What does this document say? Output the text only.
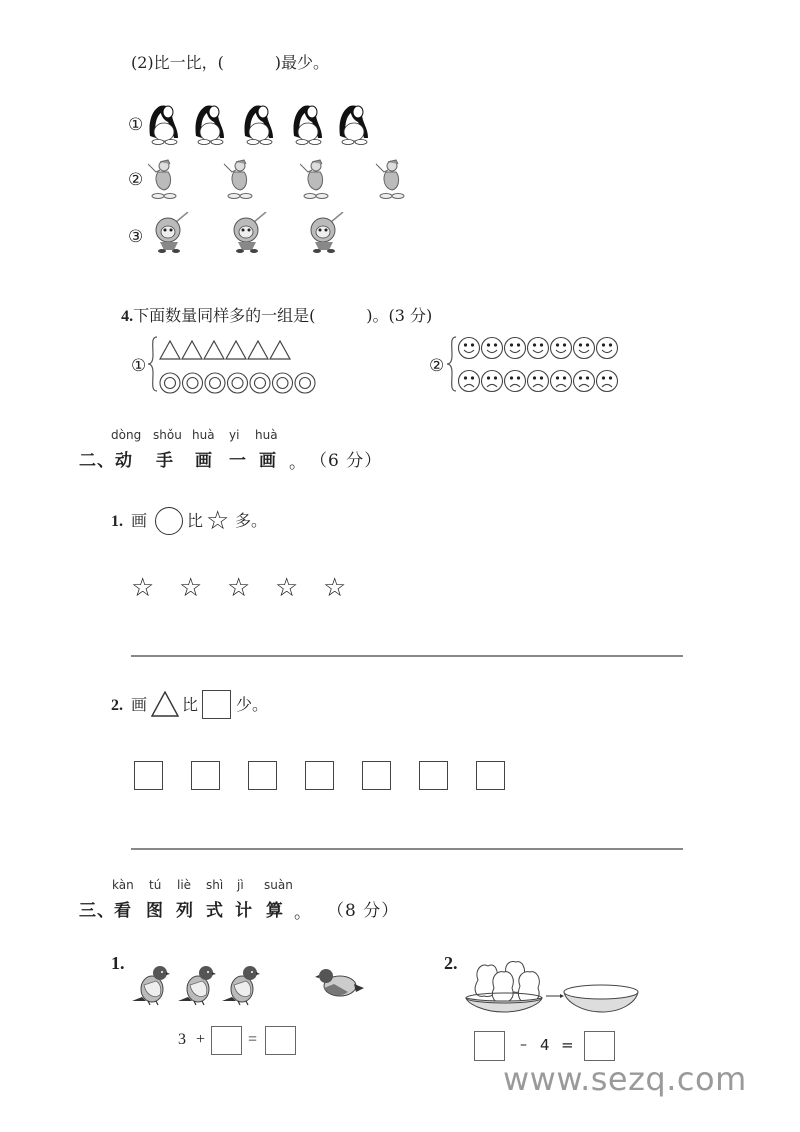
(2)比一比，(          )最少。
①
②
③

4.下面数量同样多的一组是(          )。(3 分)

①	②
dòng shǒu huà yi huà
二、 动 手 画 一 画 。 （6 分）
1. 画 比 ☆ 多。
☆ ☆ ☆ ☆ ☆
2. 画 比 少。
kàn tú liè shì jì suàn
三、 看 图 列 式 计 算 。 （8 分）
1.
3 +	=
2.
– 4 =
www.sezq.com
